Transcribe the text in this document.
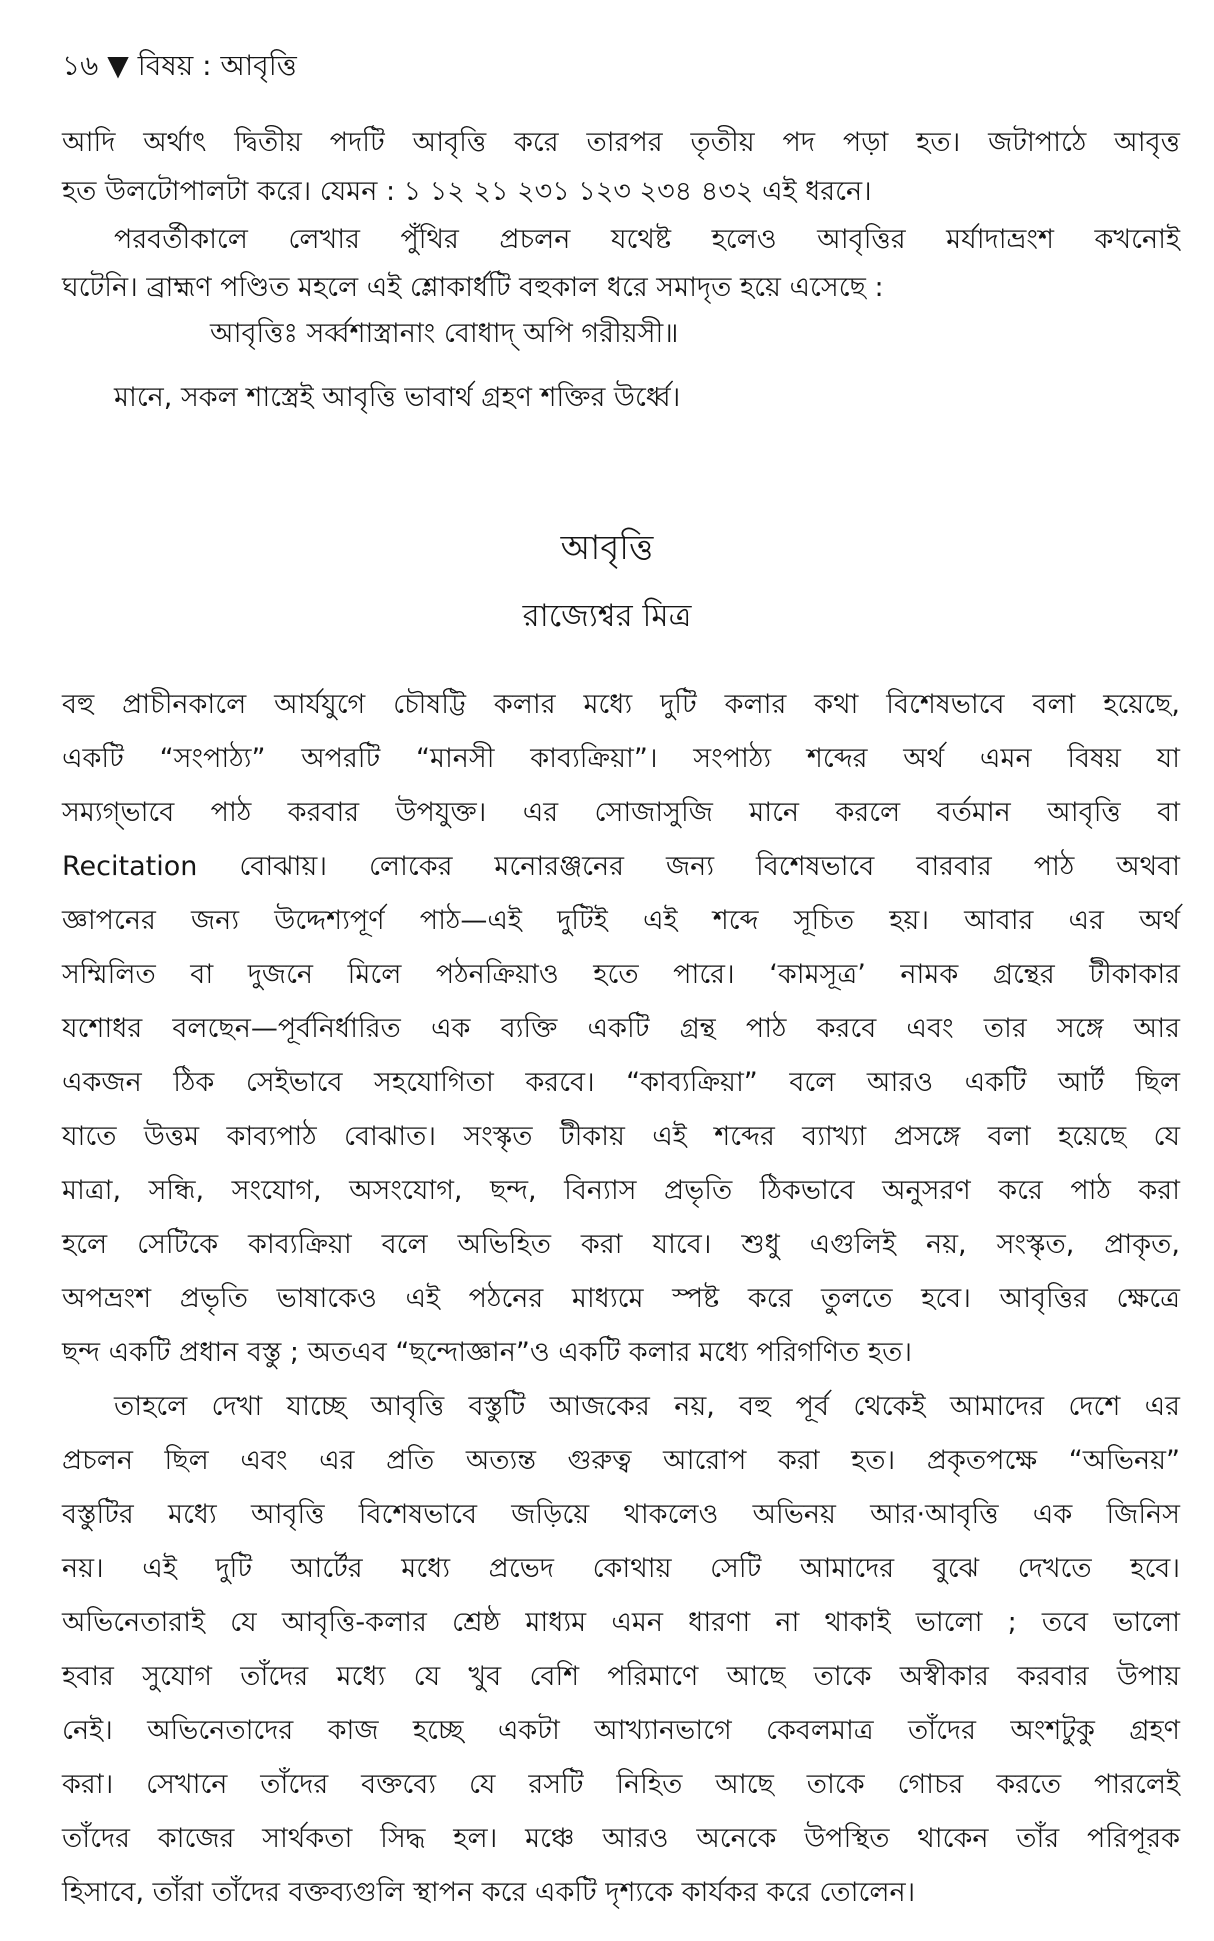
১৬ ▼ বিষয় : আবৃত্তি
আদি অর্থাৎ দ্বিতীয় পদটি আবৃত্তি করে তারপর তৃতীয় পদ পড়া হত। জটাপাঠে আবৃত্ত
হত উলটোপালটা করে। যেমন : ১ ১২ ২১ ২৩১ ১২৩ ২৩৪ ৪৩২ এই ধরনে।
পরবর্তীকালে লেখার পুঁথির প্রচলন যথেষ্ট হলেও আবৃত্তির মর্যাদাভ্রংশ কখনোই
ঘটেনি। ব্রাহ্মণ পণ্ডিত মহলে এই শ্লোকার্ধটি বহুকাল ধরে সমাদৃত হয়ে এসেছে :
আবৃত্তিঃ সর্ব্বশাস্ত্রানাং বোধাদ্ অপি গরীয়সী॥
মানে, সকল শাস্ত্রেই আবৃত্তি ভাবার্থ গ্রহণ শক্তির উর্ধ্বে।
আবৃত্তি
রাজ্যেশ্বর মিত্র
বহু প্রাচীনকালে আর্যযুগে চৌষট্টি কলার মধ্যে দুটি কলার কথা বিশেষভাবে বলা হয়েছে,
একটি “সংপাঠ্য” অপরটি “মানসী কাব্যক্রিয়া”। সংপাঠ্য শব্দের অর্থ এমন বিষয় যা
সম্যগ্‌ভাবে পাঠ করবার উপযুক্ত। এর সোজাসুজি মানে করলে বর্তমান আবৃত্তি বা
Recitation বোঝায়। লোকের মনোরঞ্জনের জন্য বিশেষভাবে বারবার পাঠ অথবা
জ্ঞাপনের জন্য উদ্দেশ্যপূর্ণ পাঠ—এই দুটিই এই শব্দে সূচিত হয়। আবার এর অর্থ
সম্মিলিত বা দুজনে মিলে পঠনক্রিয়াও হতে পারে। ‘কামসূত্র’ নামক গ্রন্থের টীকাকার
যশোধর বলছেন—পূর্বনির্ধারিত এক ব্যক্তি একটি গ্রন্থ পাঠ করবে এবং তার সঙ্গে আর
একজন ঠিক সেইভাবে সহযোগিতা করবে। “কাব্যক্রিয়া” বলে আরও একটি আর্ট ছিল
যাতে উত্তম কাব্যপাঠ বোঝাত। সংস্কৃত টীকায় এই শব্দের ব্যাখ্যা প্রসঙ্গে বলা হয়েছে যে
মাত্রা, সন্ধি, সংযোগ, অসংযোগ, ছন্দ, বিন্যাস প্রভৃতি ঠিকভাবে অনুসরণ করে পাঠ করা
হলে সেটিকে কাব্যক্রিয়া বলে অভিহিত করা যাবে। শুধু এগুলিই নয়, সংস্কৃত, প্রাকৃত,
অপভ্রংশ প্রভৃতি ভাষাকেও এই পঠনের মাধ্যমে স্পষ্ট করে তুলতে হবে। আবৃত্তির ক্ষেত্রে
ছন্দ একটি প্রধান বস্তু ; অতএব “ছন্দোজ্ঞান”ও একটি কলার মধ্যে পরিগণিত হত।
তাহলে দেখা যাচ্ছে আবৃত্তি বস্তুটি আজকের নয়, বহু পূর্ব থেকেই আমাদের দেশে এর
প্রচলন ছিল এবং এর প্রতি অত্যন্ত গুরুত্ব আরোপ করা হত। প্রকৃতপক্ষে “অভিনয়”
বস্তুটির মধ্যে আবৃত্তি বিশেষভাবে জড়িয়ে থাকলেও অভিনয় আর·আবৃত্তি এক জিনিস
নয়। এই দুটি আর্টের মধ্যে প্রভেদ কোথায় সেটি আমাদের বুঝে দেখতে হবে।
অভিনেতারাই যে আবৃত্তি-কলার শ্রেষ্ঠ মাধ্যম এমন ধারণা না থাকাই ভালো ; তবে ভালো
হবার সুযোগ তাঁদের মধ্যে যে খুব বেশি পরিমাণে আছে তাকে অস্বীকার করবার উপায়
নেই। অভিনেতাদের কাজ হচ্ছে একটা আখ্যানভাগে কেবলমাত্র তাঁদের অংশটুকু গ্রহণ
করা। সেখানে তাঁদের বক্তব্যে যে রসটি নিহিত আছে তাকে গোচর করতে পারলেই
তাঁদের কাজের সার্থকতা সিদ্ধ হল। মঞ্চে আরও অনেকে উপস্থিত থাকেন তাঁর পরিপূরক
হিসাবে, তাঁরা তাঁদের বক্তব্যগুলি স্থাপন করে একটি দৃশ্যকে কার্যকর করে তোলেন।
